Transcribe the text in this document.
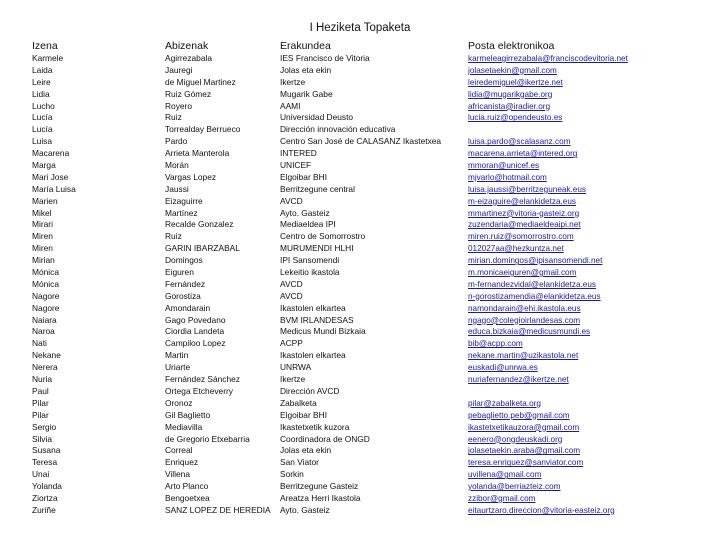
I Heziketa Topaketa
Izena	Abizenak	Erakundea	Posta elektronikoa
Karmele	Agirrezabala	IES Francisco de Vitoria	karmeleagirrezabala@franciscodevitoria.net
Laida	Jauregi	Jolas eta ekin	jolasetaekin@gmail.com
Leire	de Miguel Martinez	Ikertze	leiredemiguel@ikertze.net
Lidia	Ruiz Gómez	Mugarik Gabe	lidia@mugarikgabe.org
Lucho	Royero	AAMI	africanista@iradier.org
Lucía	Ruiz	Universidad Deusto	lucia.ruiz@opendeusto.es
Lucía	Torrealday Berrueco	Dirección innovación educativa
Luisa	Pardo	Centro San José de CALASANZ Ikastetxea	luisa.pardo@scalasanz.com
Macarena	Arrieta Manterola	INTERED	macarena.arrieta@intered.org
Marga	Morán	UNICEF	mmoran@unicef.es
Mari Jose	Vargas Lopez	Elgoibar BHI	mjvarlo@hotmail.com
María Luisa	Jaussi	Berritzegune central	luisa.jaussi@berritzeguneak.eus
Marien	Eizaguirre	AVCD	m-eizaguire@elankidetza.eus
Mikel	Martínez	Ayto. Gasteiz	mmartinez@vitoria-gasteiz.org
Mirari	Recalde Gonzalez	Mediaeldea IPI	zuzendaria@mediaeldeaipi.net
Miren	Ruiz	Centro de Somorrostro	miren.ruiz@somorrostro.com
Miren	GARIN IBARZABAL	MURUMENDI HLHI	012027aa@hezkuntza.net
Mirian	Domingos	IPI Sansomendi	mirian.domingos@ipisansomendi.net
Mónica	Eiguren	Lekeitio ikastola	m.monicaeiguren@gmail.com
Mónica	Fernández	AVCD	m-fernandezvidal@elankidetza.eus
Nagore	Gorostiza	AVCD	n-gorostizamendia@elankidetza.eus
Nagore	Amondarain	Ikastolen elkartea	namondarain@ehi.ikastola.eus
Naiara	Gago Povedano	BVM IRLANDESAS	ngago@colegioirlandesas.com
Naroa	Ciordia Landeta	Medicus Mundi Bizkaia	educa.bizkaia@medicusmundi.es
Nati	Campiloo Lopez	ACPP	bib@acpp.com
Nekane	Martin	Ikastolen elkartea	nekane.martin@uzikastola.net
Nerera	Uriarte	UNRWA	euskadi@unrwa.es
Nuria	Fernández Sánchez	Ikertze	nuriafernandez@ikertze.net
Paul	Ortega Etcheverry	Dirección AVCD
Pilar	Oronoz	Zabalketa	pilar@zabalketa.org
Pilar	Gil Baglietto	Elgoibar BHI	pebaglietto.peb@gmail.com
Sergio	Mediavilla	Ikastetxetik kuzora	ikastetxetikauzora@gmail.com
Silvia	de Gregorio Etxebarria	Coordinadora de ONGD	eenero@ongdeuskadi.org
Susana	Correal	Jolas eta ekin	jolasetaekin.araba@gmail.com
Teresa	Enriquez	San Viator	teresa.enriquez@sanviator.com
Unai	Villena	Sorkin	uvillena@gmail.com
Yolanda	Arto Planco	Berritzegune Gasteiz	yolanda@berriazteiz.com
Ziortza	Bengoetxea	Areatza Herri Ikastola	zzibor@gmail.com
Zuriñe	SANZ LOPEZ DE HEREDIA	Ayto. Gasteiz	eitaurtzaro.direccion@vitoria-easteiz.org
